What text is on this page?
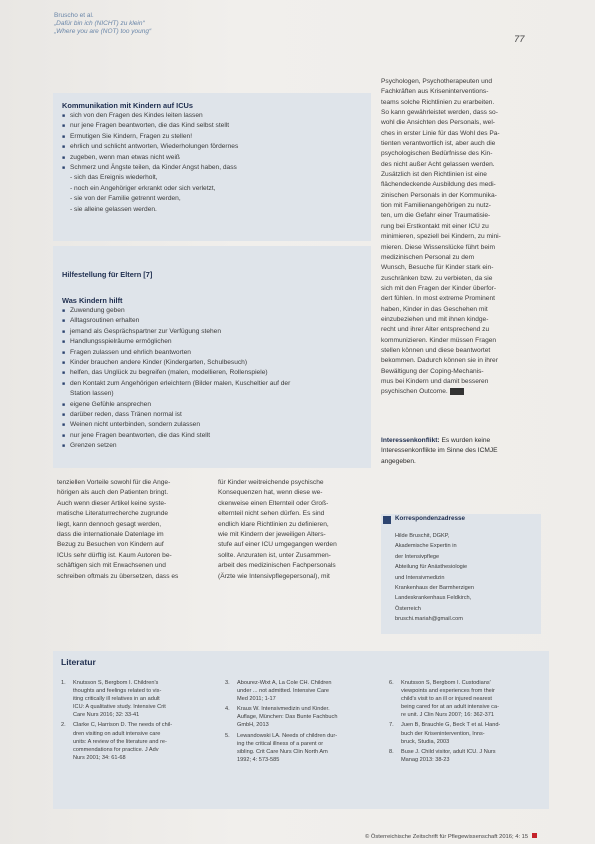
Bruscho et al.
„Dafür bin ich (NICHT) zu klein“
„Where you are (NOT) too young“
77
Kommunikation mit Kindern auf ICUs
■ sich von den Fragen des Kindes leiten lassen
■ nur jene Fragen beantworten, die das Kind selbst stellt
■ Ermutigen Sie Kindern, Fragen zu stellen!
■ ehrlich und schlicht antworten, Wiederholungen fördernes
■ zugeben, wenn man etwas nicht weiß
■ Schmerz und Ängste teilen, da Kinder Angst haben, dass
- sich das Ereignis wiederholt,
- noch ein Angehöriger erkrankt oder sich verletzt,
- sie von der Familie getrennt werden,
- sie alleine gelassen werden.
Hilfestellung für Eltern [7]
Was Kindern hilft
■ Zuwendung geben
■ Alltagsroutinen erhalten
■ jemand als Gesprächspartner zur Verfügung stehen
■ Handlungsspielräume ermöglichen
■ Fragen zulassen und ehrlich beantworten
■ Kinder brauchen andere Kinder (Kindergarten, Schulbesuch)
■ helfen, das Unglück zu begreifen (malen, modellieren, Rollenspiele)
■ den Kontakt zum Angehörigen erleichtern (Bilder malen, Kuscheltier auf der
Station lassen)
■ eigene Gefühle ansprechen
■ darüber reden, dass Tränen normal ist
■ Weinen nicht unterbinden, sondern zulassen
■ nur jene Fragen beantworten, die das Kind stellt
■ Grenzen setzen

Psychologen, Psychotherapeuten und

Fachkräften aus Kriseninterventions-

teams solche Richtlinien zu erarbeiten.

So kann gewährleistet werden, dass so-

wohl die Ansichten des Personals, wel-

ches in erster Linie für das Wohl des Pa-

tienten verantwortlich ist, aber auch die

psychologischen Bedürfnisse des Kin-

des nicht außer Acht gelassen werden.

Zusätzlich ist den Richtlinien ist eine

flächendeckende Ausbildung des medi-

zinischen Personals in der Kommunika-

tion mit Familienangehörigen zu nutz-

ten, um die Gefahr einer Traumatisie-

rung bei Erstkontakt mit einer ICU zu

minimieren, speziell bei Kindern, zu mini-

mieren. Diese Wissenslücke führt beim

medizinischen Personal zu dem

Wunsch, Besuche für Kinder stark ein-

zuschränken bzw. zu verbieten, da sie

sich mit den Fragen der Kinder überfor-

dert fühlen. In most extreme Prominent

haben, Kinder in das Geschehen mit

einzubeziehen und mit ihnen kindge-

recht und ihrer Alter entsprechend zu

kommunizieren. Kinder müssen Fragen

stellen können und diese beantwortet

bekommen. Dadurch können sie in ihrer

Bewältigung der Coping-Mechanis-

mus bei Kindern und damit besseren

psychischen Outcome.

Interessenkonflikt: Es wurden keine

Interessenkonflikte im Sinne des ICMJE

angegeben.

tenziellen Vorteile sowohl für die Ange-

hörigen als auch den Patienten bringt.

Auch wenn dieser Artikel keine syste-

matische Literaturrecherche zugrunde

liegt, kann dennoch gesagt werden,

dass die internationale Datenlage im

Bezug zu Besuchen von Kindern auf

ICUs sehr dürftig ist. Kaum Autoren be-

schäftigen sich mit Erwachsenen und

schreiben oftmals zu übersetzen, dass es

für Kinder weitreichende psychische

Konsequenzen hat, wenn diese we-

ckenweise einen Elternteil oder Groß-

elternteil nicht sehen dürfen. Es sind

endlich klare Richtlinien zu definieren,

wie mit Kindern der jeweiligen Alters-

stufe auf einer ICU umgegangen werden

sollte. Anzuraten ist, unter Zusammen-

arbeit des medizinischen Fachpersonals

(Ärzte wie Intensivpflegepersonal), mit

Korrespondenzadresse
Hilde Bruschit, DGKP,
Akademische Expertin in
der Intensivpflege
Abteilung für Anästhesiologie
und Intensivmedizin
Krankenhaus der Barmherzigen
Landeskrankenhaus Feldkirch,
Österreich
bruschi.mariah@gmail.com
Literatur
1.	Knutsson S, Bergbom I. Children's
thoughts and feelings related to vis-
iting critically ill relatives in an adult
ICU: A qualitative study. Intensive Crit
Care Nurs 2016; 32: 33-41
2.	Clarke C, Harrison D. The needs of chil-
dren visiting on adult intensive care
units: A review of the literature and re-
commendations for practice. J Adv
Nurs 2001; 34: 61-68
3.	Abourez-Wixt A, La Cole CH. Children
under ... not admitted. Intensive Care
Med 2011; 1-17
4.	Kraus W. Intensivmedizin und Kinder.
Auflage, München: Das Bunte Fachbuch
GmbH, 2013
5.	Lewandowski LA. Needs of children dur-
ing the critical illness of a parent or
sibling. Crit Care Nurs Clin North Am
1992; 4: 573-585
6.	Knutsson S, Bergbom I. Custodians'
viewpoints and experiences from their
child's visit to an ill or injured nearest
being cared for at an adult intensive ca-
re unit. J Clin Nurs 2007; 16: 362-371
7.	Juen B, Brauchle G, Beck T et al. Hand-
buch der Krisenintervention, Inns-
bruck, Studia, 2003
8.	Buse J. Child visitor, adult ICU. J Nurs
Manag 2013: 38-23
© Österreichische Zeitschrift für Pflegewissenschaft 2016; 4: 15
